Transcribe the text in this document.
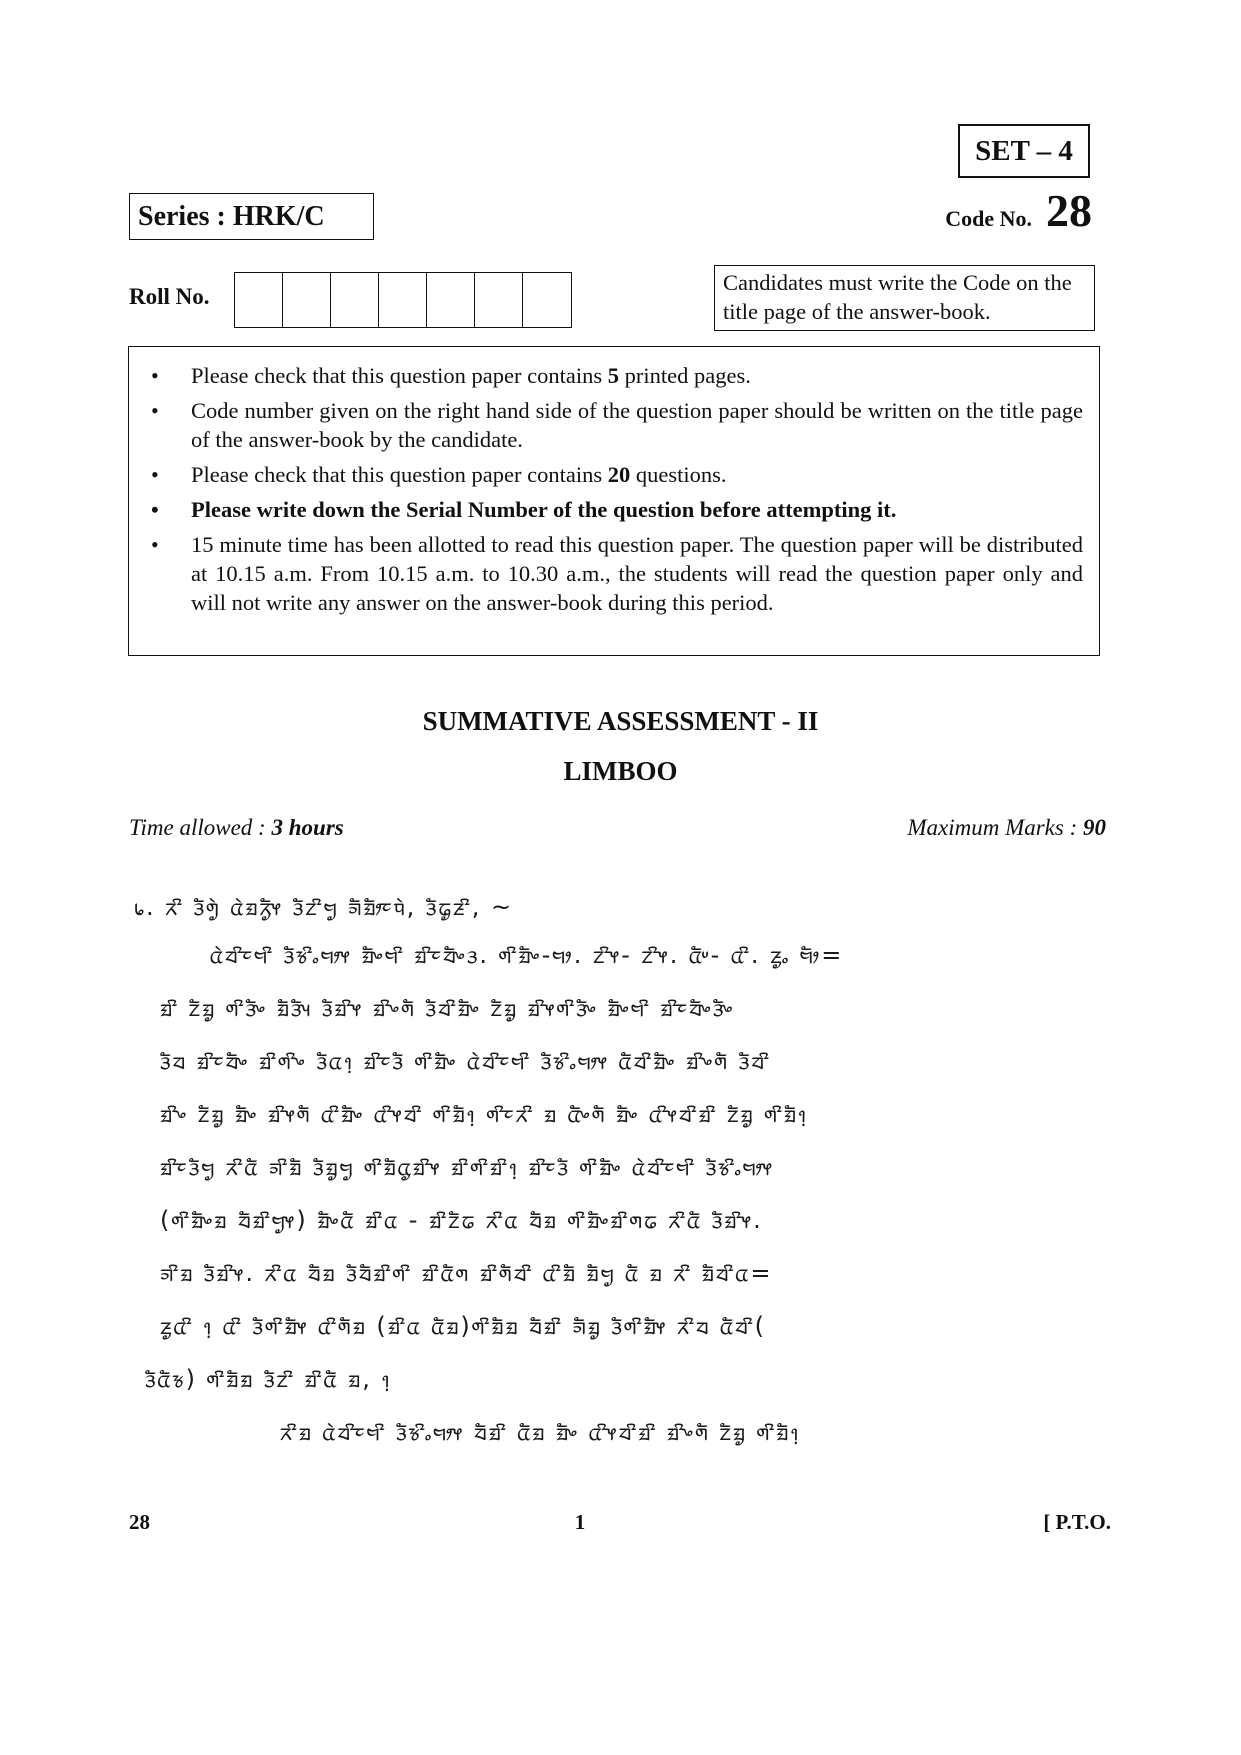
SET – 4
Series : HRK/C	Code No. 28
Roll No.
Candidates must write the Code on the title page of the answer-book.
• Please check that this question paper contains 5 printed pages.
• Code number given on the right hand side of the question paper should be written on the title page of the answer-book by the candidate.
• Please check that this question paper contains 20 questions.
• Please write down the Serial Number of the question before attempting it.
• 15 minute time has been allotted to read this question paper. The question paper will be distributed at 10.15 a.m. From 10.15 a.m. to 10.30 a.m., the students will read the question paper only and will not write any answer on the answer-book during this period.
SUMMATIVE ASSESSMENT - II
LIMBOO
Time allowed : 3 hours	Maximum Marks : 90
᥇. ᤖᤡ ᤋᤠᤛᤢᤧ ᤂᤧᤀᤖᤠᤢᤶ ᤋᤠᤁᤡᤗᤢ ᤈᤠᤀᤥᤰᤄᤧ, ᤋᤠᤒᤢᤏᤡ, ~
ᤂᤧᤔᤡᤰᤗᤡ ᤋᤠᤃᤡᤱᤗᤣᤶ ᤀᤠᤴᤗᤡ ᤀᤡᤰᤔᤠᤴᤋ. ᤛᤡᤀᤠᤴ-ᤗᤣ. ᤁᤡᤶ- ᤁᤡᤶ. ᤂᤠᤸ- ᤂᤡ. ᤏᤢᤱ ᤗᤥ=
ᤀᤡ ᤁᤠᤀᤢ ᤛᤡᤋᤠᤴ ᤀᤠᤋᤠᤵ ᤋᤠᤀᤡᤶ ᤀᤡᤴᤛᤠ ᤋᤠᤔᤡᤀᤠᤴ ᤁᤠᤀᤢ ᤀᤡᤶᤛᤡᤋᤠᤴ ᤀᤠᤴᤗᤡ ᤀᤡᤰᤔᤠᤴᤋᤠᤴ
ᤋᤠᤔ ᤀᤡᤰᤔᤠᤴ ᤀᤡᤛᤡᤴ ᤋᤠᤂ᥄ ᤀᤡᤰᤋᤠ ᤛᤡᤀᤠᤴ ᤂᤧᤔᤡᤰᤗᤡ ᤋᤠᤃᤡᤱᤗᤣᤶ ᤂᤠᤔᤡᤀᤠᤴ ᤀᤡᤴᤛᤠ ᤋᤠᤔᤡ
ᤀᤡᤴ ᤁᤠᤀᤢ ᤀᤠᤴ ᤀᤡᤶᤛᤠ ᤂᤡᤀᤠᤴ ᤂᤡᤶᤔᤡ ᤛᤡᤀᤠ᥄ ᤛᤡᤰᤖᤡ ᤀ ᤂᤠᤴᤛᤠ ᤀᤠᤴ ᤂᤡᤶᤔᤡᤀᤡ ᤁᤠᤀᤢ ᤛᤡᤀᤠ᥄
ᤀᤡᤰᤋᤠᤗᤢ ᤖᤡᤂᤠ ᤈᤡᤀᤠ ᤋᤠᤀᤢᤗᤢ ᤛᤡᤀᤠᤂᤢᤀᤡᤶ ᤀᤡᤛᤡᤀᤡ᥄ ᤀᤡᤰᤋᤠ ᤛᤡᤀᤠᤴ ᤂᤧᤔᤡᤰᤗᤡ ᤋᤠᤃᤡᤱᤗᤣᤶ
(ᤛᤡᤀᤠᤴᤀ ᤔᤠᤀᤡᤗᤢᤶ) ᤀᤠᤴᤂᤠ ᤀᤡᤂ - ᤀᤡᤁᤠᤒ ᤖᤡᤂ ᤔᤠᤀ ᤛᤡᤀᤠᤴᤀᤡᤛᤒ ᤖᤡᤂᤠ ᤋᤠᤀᤡᤶ.
ᤈᤡᤀ ᤋᤠᤀᤡᤶ. ᤖᤡᤂ ᤔᤠᤀ ᤋᤠᤔᤠᤀᤡᤛᤡ ᤀᤡᤂᤠᤛ ᤀᤡᤛᤠᤔᤡ ᤂᤡᤀᤠ ᤀᤠᤗᤢ ᤂᤠ ᤀ ᤖᤡ ᤀᤠᤔᤡᤂ=
ᤏᤢᤂᤡ ᥄ ᤂᤡ ᤋᤠᤛᤡᤀᤠᤶ ᤂᤡᤛᤠᤀ (ᤀᤡᤂ ᤂᤠᤀ)ᤛᤡᤀᤠᤀ ᤔᤠᤀᤡ ᤈᤠᤀᤢ ᤋᤠᤛᤡᤀᤠᤶ ᤖᤡᤔ ᤂᤠᤔᤡ(
ᤋᤠᤂᤠᤃ) ᤛᤡᤀᤠᤀ ᤋᤠᤁᤡ ᤀᤡᤂᤠ ᤀ, ᥄
ᤖᤡᤀ ᤂᤧᤔᤡᤰᤗᤡ ᤋᤠᤃᤡᤱᤗᤣᤶ ᤔᤠᤀᤡ ᤂᤠᤀ ᤀᤠᤴ ᤂᤡᤶᤔᤡᤀᤡ ᤀᤡᤴᤛᤠ ᤁᤠᤀᤢ ᤛᤡᤀᤠ᥄
28	1	[ P.T.O.
